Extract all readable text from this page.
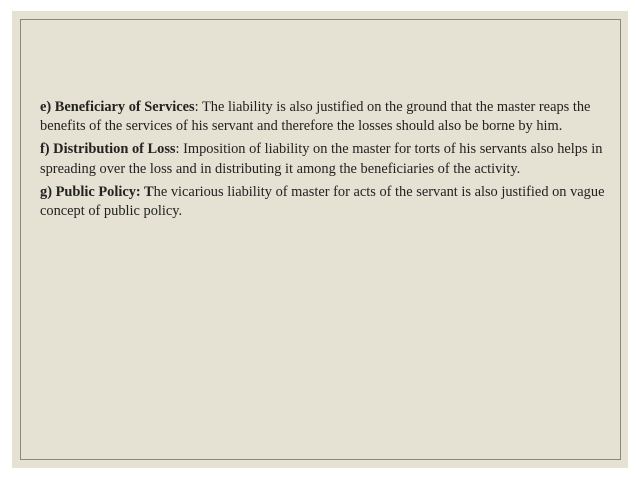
e) Beneficiary of Services: The liability is also justified on the ground that the master reaps the benefits of the services of his servant and therefore the losses should also be borne by him.

f) Distribution of Loss: Imposition of liability on the master for torts of his servants also helps in spreading over the loss and in distributing it among the beneficiaries of the activity.

g) Public Policy: The vicarious liability of master for acts of the servant is also justified on vague concept of public policy.
